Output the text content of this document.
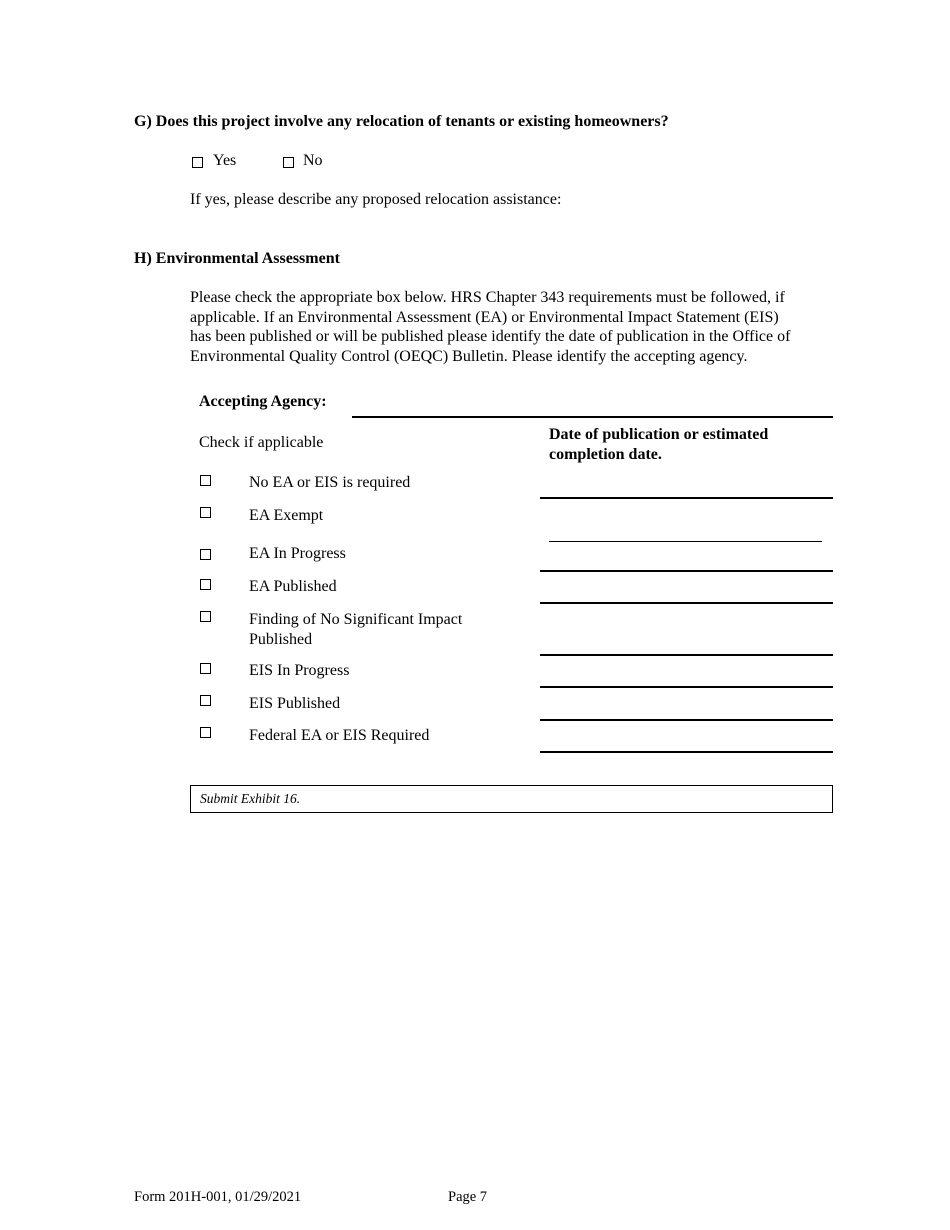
G) Does this project involve any relocation of tenants or existing homeowners?
Yes	No
If yes, please describe any proposed relocation assistance:
H) Environmental Assessment
Please check the appropriate box below. HRS Chapter 343 requirements must be followed, if
applicable. If an Environmental Assessment (EA) or Environmental Impact Statement (EIS)
has been published or will be published please identify the date of publication in the Office of
Environmental Quality Control (OEQC) Bulletin. Please identify the accepting agency.
Accepting Agency:
Check if applicable	Date of publication or estimated
completion date.
No EA or EIS is required
EA Exempt
EA In Progress
EA Published
Finding of No Significant Impact
Published
EIS In Progress
EIS Published
Federal EA or EIS Required
Submit Exhibit 16.
Form 201H-001, 01/29/2021	Page 7
